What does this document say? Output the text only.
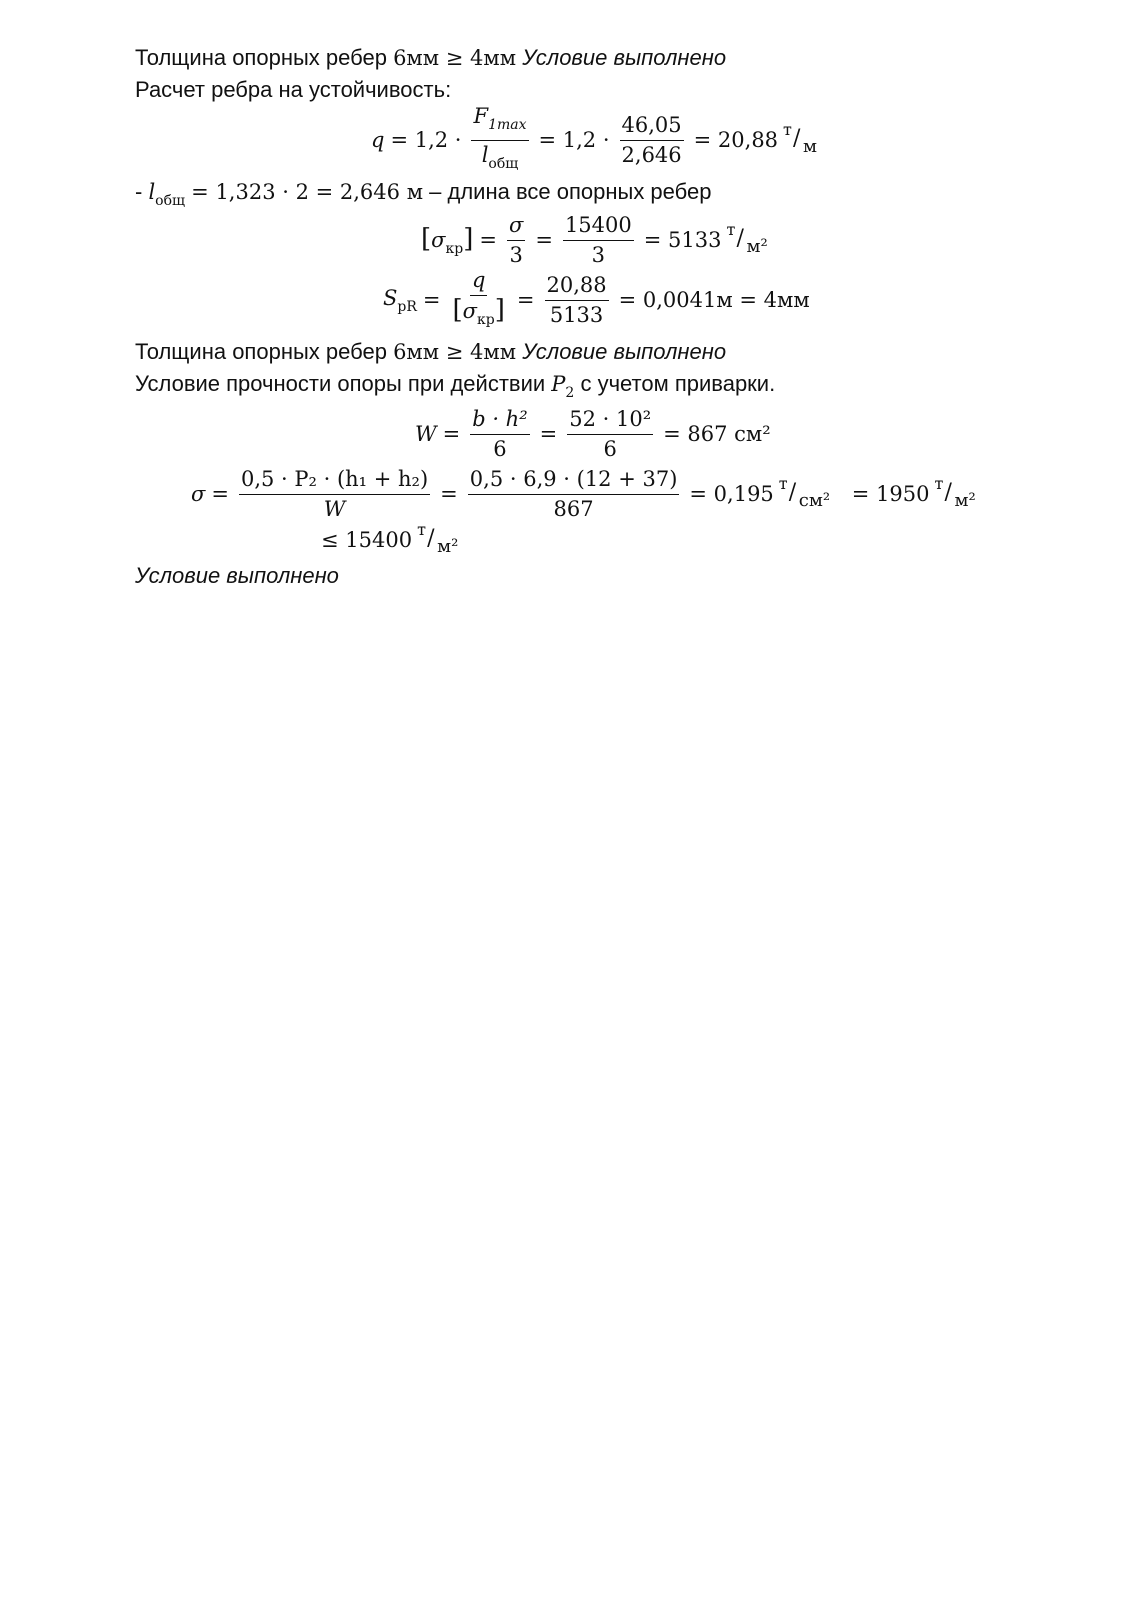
Толщина опорных ребер 6мм ≥ 4мм Условие выполнено
Расчет ребра на устойчивость:
$q = 1,2 \cdot \frac{F_{1max}}{l_{общ}} = 1,2 \cdot \frac{46,05}{2,646} = 20,88$ т / м
- $l_{общ} = 1,323 \cdot 2 = 2,646$ м – длина все опорных ребер
$[\sigma_{кр}] = \frac{\sigma}{3} = \frac{15400}{3} = 5133$ т / м²
$S_{pR} = \frac{q}{[\sigma_{кр}]} = \frac{20,88}{5133} = 0,0041м = 4мм$
Толщина опорных ребер 6мм ≥ 4мм Условие выполнено
Условие прочности опоры при действии $P_2$ с учетом приварки.
$W = \frac{\text{b · h²}}{6} = \frac{\text{52 · 10²}}{6} = 867$ см²
$\sigma = \frac{\text{0,5 · P₂ · (h₁ + h₂)}}{W} = \frac{0,5 \cdot 6,9 \cdot (12 + 37)}{867} = 0,195$ т / см² = 1950 т / м²
≤ 15400 т / м²
Условие выполнено
